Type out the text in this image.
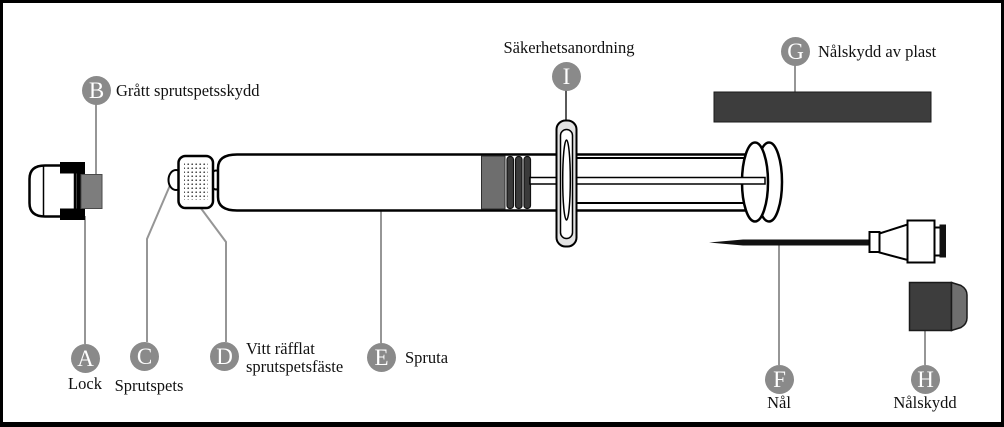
A
B
C	D	E
F
G
H
I
Lock
Grått sprutspetsskydd
Sprutspets
Vitt räfflat sprutspetsfäste	Spruta
Nål
Nålskydd av plast
Nålskydd
Säkerhetsanordning
